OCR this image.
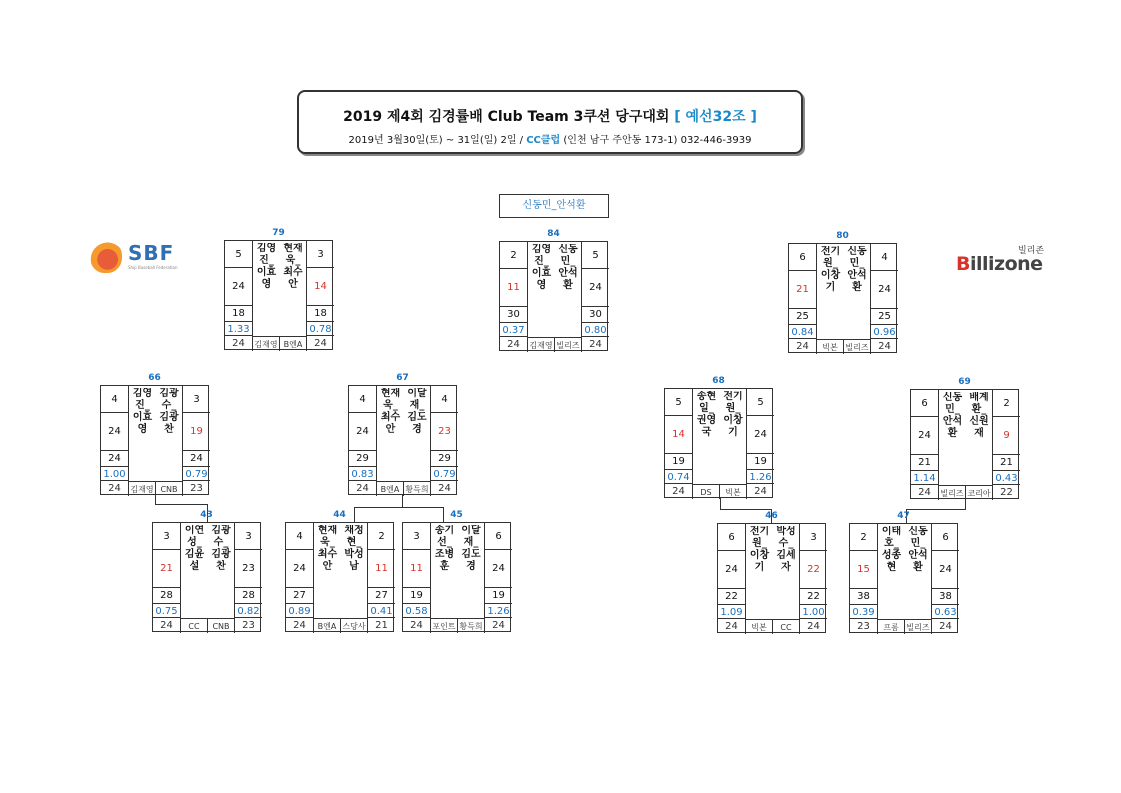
2019 제4회 김경률배 Club Team 3쿠션 당구대회 [ 예선32조 ]
2019년 3월30일(토) ~ 31일(일) 2일 / CC클럽 (인천 남구 주안동 173-1) 032-446-3939
신동민_안석환
SBF
Ship Baseball Federation
빌리존
Billizone
79
5
24
18
1.33
24
김영진_이효영
김재영
3
14
18
0.78
24
현재욱_최수안
B엔A
84
2
11
30
0.37
24
김영진_이효영
김재영
5
24
30
0.80
24
신동민_안석환
빌리즈
80
6
21
25
0.84
24
전기원_이창기
빅본
4
24
25
0.96
24
신동민_안석환
빌리즈
66
4
24
24
1.00
24
김영진_이효영
김재영
3
19
24
0.79
23
김광수_김광찬
CNB
67
4
24
29
0.83
24
현재욱_최수안
B엔A
4
23
29
0.79
24
이달재_김도경
황득희
68
5
14
19
0.74
24
송현일_권영국
DS
5
24
19
1.26
24
전기원_이창기
빅본
69
6
24
21
1.14
24
신동민_안석환
빌리즈
2
9
21
0.43
22
배계환_신원재
코리아
43
3
21
28
0.75
24
이연성_김윤설
CC
3
23
28
0.82
23
김광수_김광찬
CNB
44
4
24
27
0.89
24
현재욱_최수안
B엔A
2
11
27
0.41
21
채정현_박성남
스당사
45
3
11
19
0.58
24
송기선_조병훈
포인트
6
24
19
1.26
24
이달재_김도경
황득희
46
6
24
22
1.09
24
전기원_이창기
빅본
3
22
22
1.00
24
박성수_김세자
CC
47
2
15
38
0.39
23
이태호_성종현
프롬
6
24
38
0.63
24
신동민_안석환
빌리즈
